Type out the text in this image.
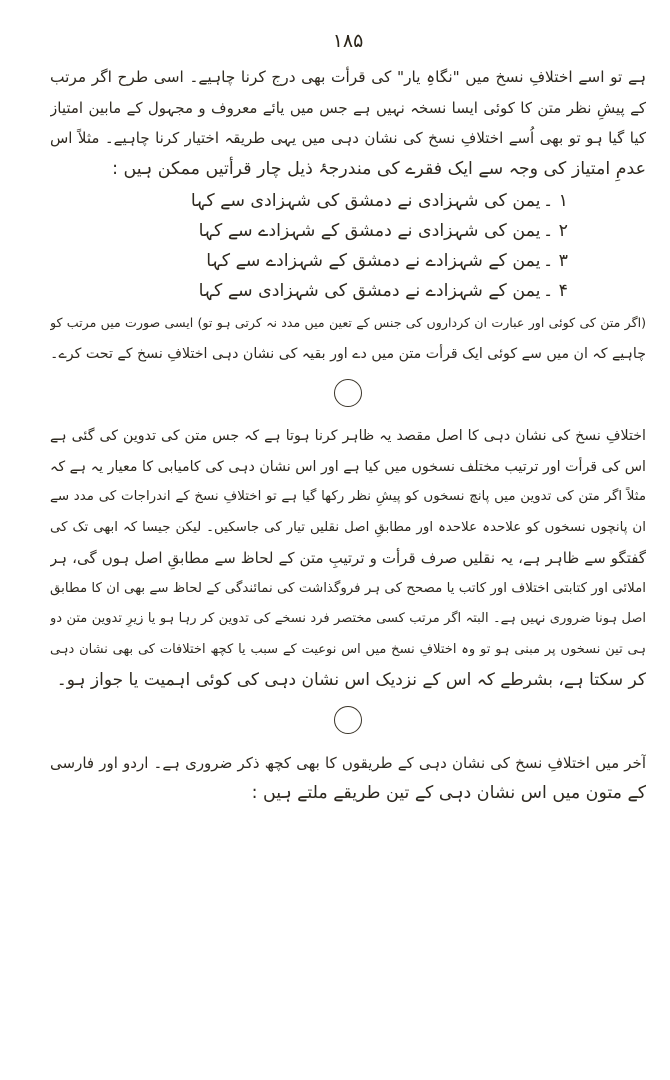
۱۸۵
ہے تو اسے اختلافِ نسخ میں "نگاہِ یار" کی قرأت بھی درج کرنا چاہیے۔ اسی طرح اگر مرتب
کے پیشِ نظر متن کا کوئی ایسا نسخہ نہیں ہے جس میں یائے معروف و مجہول کے مابین امتیاز
کیا گیا ہو تو بھی اُسے اختلافِ نسخ کی نشان دہی میں یہی طریقہ اختیار کرنا چاہیے۔ مثلاً اس
عدمِ امتیاز کی وجہ سے ایک فقرے کی مندرجۂ ذیل چار قرأتیں ممکن ہیں :
۱ ۔ یمن کی شہزادی نے دمشق کی شہزادی سے کہا
۲ ۔ یمن کی شہزادی نے دمشق کے شہزادے سے کہا
۳ ۔ یمن کے شہزادے نے دمشق کے شہزادے سے کہا
۴ ۔ یمن کے شہزادے نے دمشق کی شہزادی سے کہا
(اگر متن کی کوئی اور عبارت ان کرداروں کی جنس کے تعین میں مدد نہ کرتی ہو تو) ایسی صورت میں مرتب کو
چاہیے کہ ان میں سے کوئی ایک قرأت متن میں دے اور بقیہ کی نشان دہی اختلافِ نسخ کے تحت کرے۔
اختلافِ نسخ کی نشان دہی کا اصل مقصد یہ ظاہر کرنا ہوتا ہے کہ جس متن کی تدوین کی گئی ہے
اس کی قرأت اور ترتیب مختلف نسخوں میں کیا ہے اور اس نشان دہی کی کامیابی کا معیار یہ ہے کہ
مثلاً اگر متن کی تدوین میں پانچ نسخوں کو پیشِ نظر رکھا گیا ہے تو اختلافِ نسخ کے اندراجات کی مدد سے
ان پانچوں نسخوں کو علاحدہ علاحدہ اور مطابقِ اصل نقلیں تیار کی جاسکیں۔ لیکن جیسا کہ ابھی تک کی
گفتگو سے ظاہر ہے، یہ نقلیں صرف قرأت و ترتیبِ متن کے لحاظ سے مطابقِ اصل ہوں گی، ہر
املائی اور کتابتی اختلاف اور کاتب یا مصحح کی ہر فروگذاشت کی نمائندگی کے لحاظ سے بھی ان کا مطابق
اصل ہونا ضروری نہیں ہے۔ البتہ اگر مرتب کسی مختصر فرد نسخے کی تدوین کر رہا ہو یا زیرِ تدوین متن دو
ہی تین نسخوں پر مبنی ہو تو وہ اختلافِ نسخ میں اس نوعیت کے سبب یا کچھ اختلافات کی بھی نشان دہی
کر سکتا ہے، بشرطے کہ اس کے نزدیک اس نشان دہی کی کوئی اہمیت یا جواز ہو۔
آخر میں اختلافِ نسخ کی نشان دہی کے طریقوں کا بھی کچھ ذکر ضروری ہے۔ اردو اور فارسی
کے متون میں اس نشان دہی کے تین طریقے ملتے ہیں :
